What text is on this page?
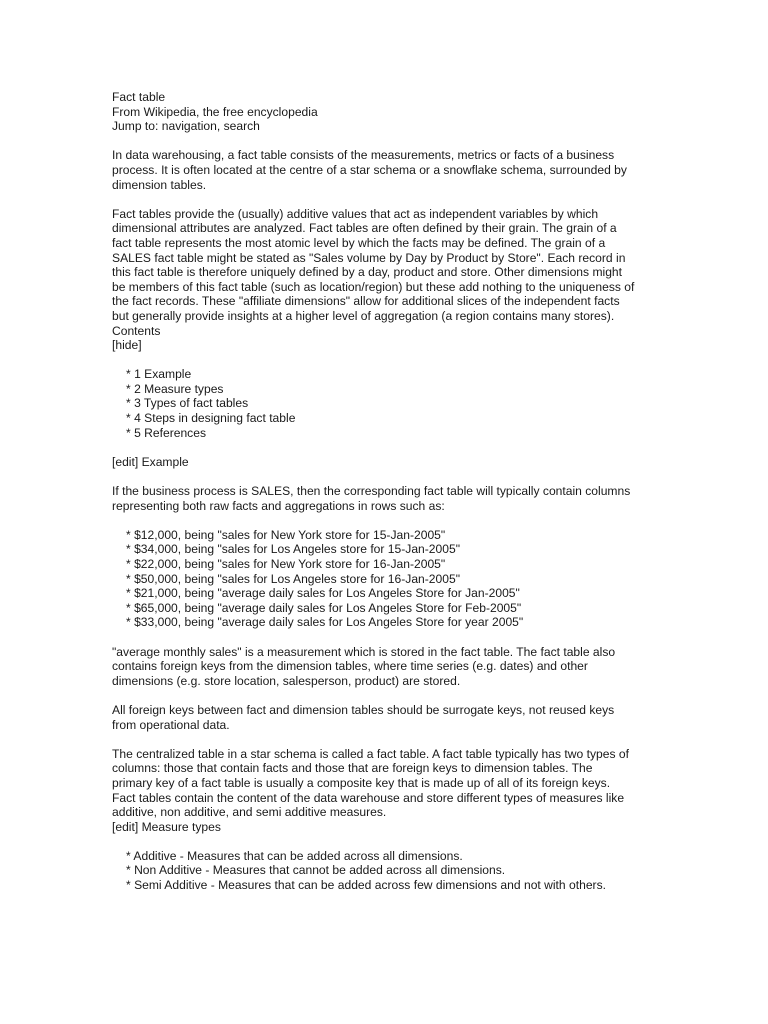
Fact table
From Wikipedia, the free encyclopedia
Jump to: navigation, search
In data warehousing, a fact table consists of the measurements, metrics or facts of a business
process. It is often located at the centre of a star schema or a snowflake schema, surrounded by
dimension tables.
Fact tables provide the (usually) additive values that act as independent variables by which
dimensional attributes are analyzed. Fact tables are often defined by their grain. The grain of a
fact table represents the most atomic level by which the facts may be defined. The grain of a
SALES fact table might be stated as "Sales volume by Day by Product by Store". Each record in
this fact table is therefore uniquely defined by a day, product and store. Other dimensions might
be members of this fact table (such as location/region) but these add nothing to the uniqueness of
the fact records. These "affiliate dimensions" allow for additional slices of the independent facts
but generally provide insights at a higher level of aggregation (a region contains many stores).
Contents
[hide]
* 1 Example
* 2 Measure types
* 3 Types of fact tables
* 4 Steps in designing fact table
* 5 References
[edit] Example
If the business process is SALES, then the corresponding fact table will typically contain columns
representing both raw facts and aggregations in rows such as:
* $12,000, being "sales for New York store for 15-Jan-2005"
* $34,000, being "sales for Los Angeles store for 15-Jan-2005"
* $22,000, being "sales for New York store for 16-Jan-2005"
* $50,000, being "sales for Los Angeles store for 16-Jan-2005"
* $21,000, being "average daily sales for Los Angeles Store for Jan-2005"
* $65,000, being "average daily sales for Los Angeles Store for Feb-2005"
* $33,000, being "average daily sales for Los Angeles Store for year 2005"
"average monthly sales" is a measurement which is stored in the fact table. The fact table also
contains foreign keys from the dimension tables, where time series (e.g. dates) and other
dimensions (e.g. store location, salesperson, product) are stored.
All foreign keys between fact and dimension tables should be surrogate keys, not reused keys
from operational data.
The centralized table in a star schema is called a fact table. A fact table typically has two types of
columns: those that contain facts and those that are foreign keys to dimension tables. The
primary key of a fact table is usually a composite key that is made up of all of its foreign keys.
Fact tables contain the content of the data warehouse and store different types of measures like
additive, non additive, and semi additive measures.
[edit] Measure types
* Additive - Measures that can be added across all dimensions.
* Non Additive - Measures that cannot be added across all dimensions.
* Semi Additive - Measures that can be added across few dimensions and not with others.
